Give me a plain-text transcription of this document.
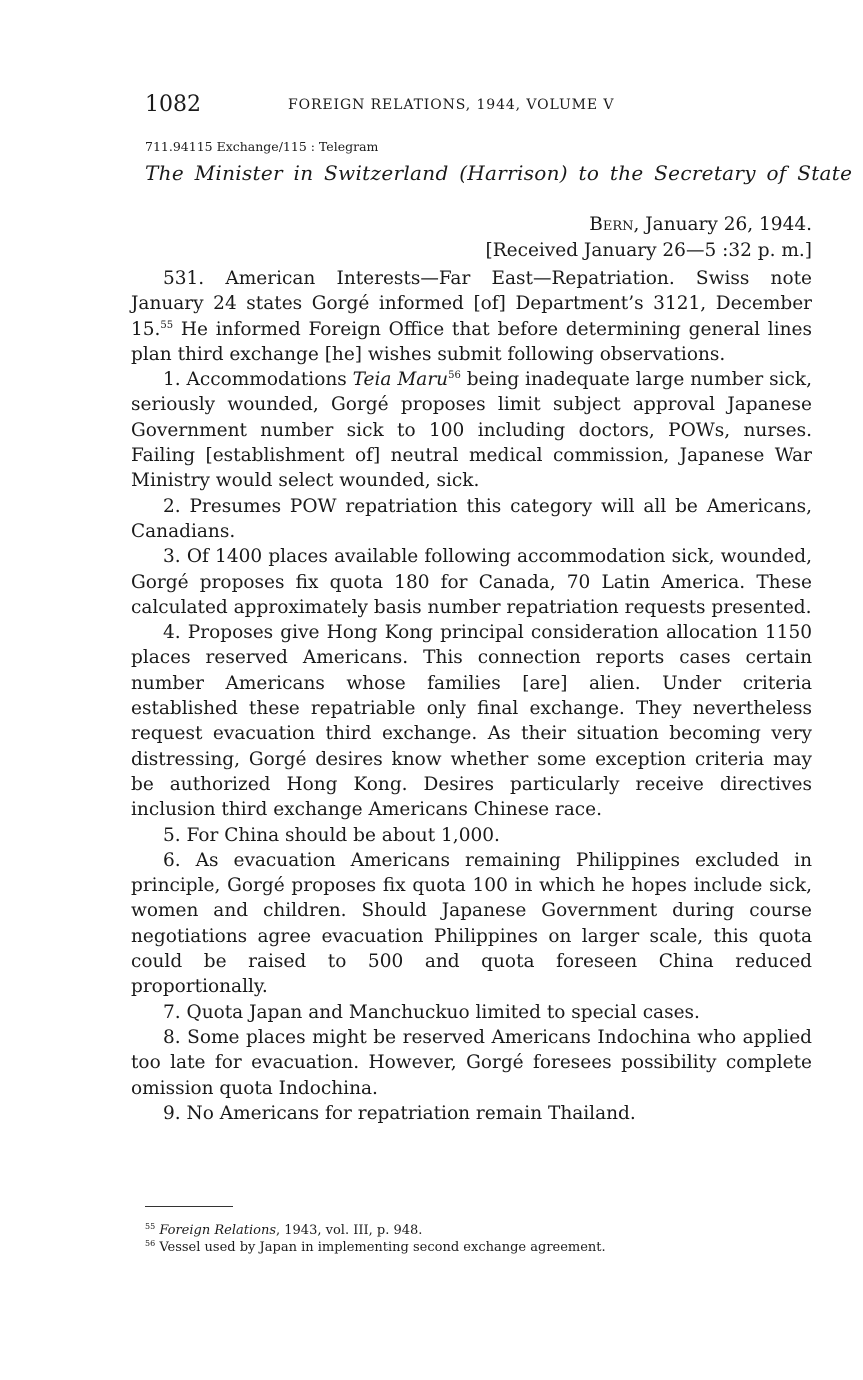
1082	FOREIGN RELATIONS, 1944, VOLUME V
711.94115 Exchange/115 : Telegram
The Minister in Switzerland (Harrison) to the Secretary of State
Bern, January 26, 1944.
[Received January 26—5 :32 p. m.]

531. American Interests—Far East—Repatriation. Swiss note January 24 states Gorgé informed [of] Department’s 3121, December 15.55 He informed Foreign Office that before determining general lines plan third exchange [he] wishes submit following observations.

1. Accommodations Teia Maru$^{56}$ being inadequate large number sick, seriously wounded, Gorgé proposes limit subject approval Japanese Government number sick to 100 including doctors, POWs, nurses. Failing [establishment of] neutral medical commission, Japanese War Ministry would select wounded, sick.

2. Presumes POW repatriation this category will all be Americans, Canadians.

3. Of 1400 places available following accommodation sick, wounded, Gorgé proposes fix quota 180 for Canada, 70 Latin America. These calculated approximately basis number repatriation requests presented.

4. Proposes give Hong Kong principal consideration allocation 1150 places reserved Americans. This connection reports cases certain number Americans whose families [are] alien. Under criteria established these repatriable only final exchange. They nevertheless request evacuation third exchange. As their situation becoming very distressing, Gorgé desires know whether some exception criteria may be authorized Hong Kong. Desires particularly receive directives inclusion third exchange Americans Chinese race.

5. For China should be about 1,000.

6. As evacuation Americans remaining Philippines excluded in principle, Gorgé proposes fix quota 100 in which he hopes include sick, women and children. Should Japanese Government during course negotiations agree evacuation Philippines on larger scale, this quota could be raised to 500 and quota foreseen China reduced proportionally.

7. Quota Japan and Manchuckuo limited to special cases.

8. Some places might be reserved Americans Indochina who applied too late for evacuation. However, Gorgé foresees possibility complete omission quota Indochina.

9. No Americans for repatriation remain Thailand.

$^{55}$ Foreign Relations, 1943, vol. III, p. 948.
$^{56}$ Vessel used by Japan in implementing second exchange agreement.
